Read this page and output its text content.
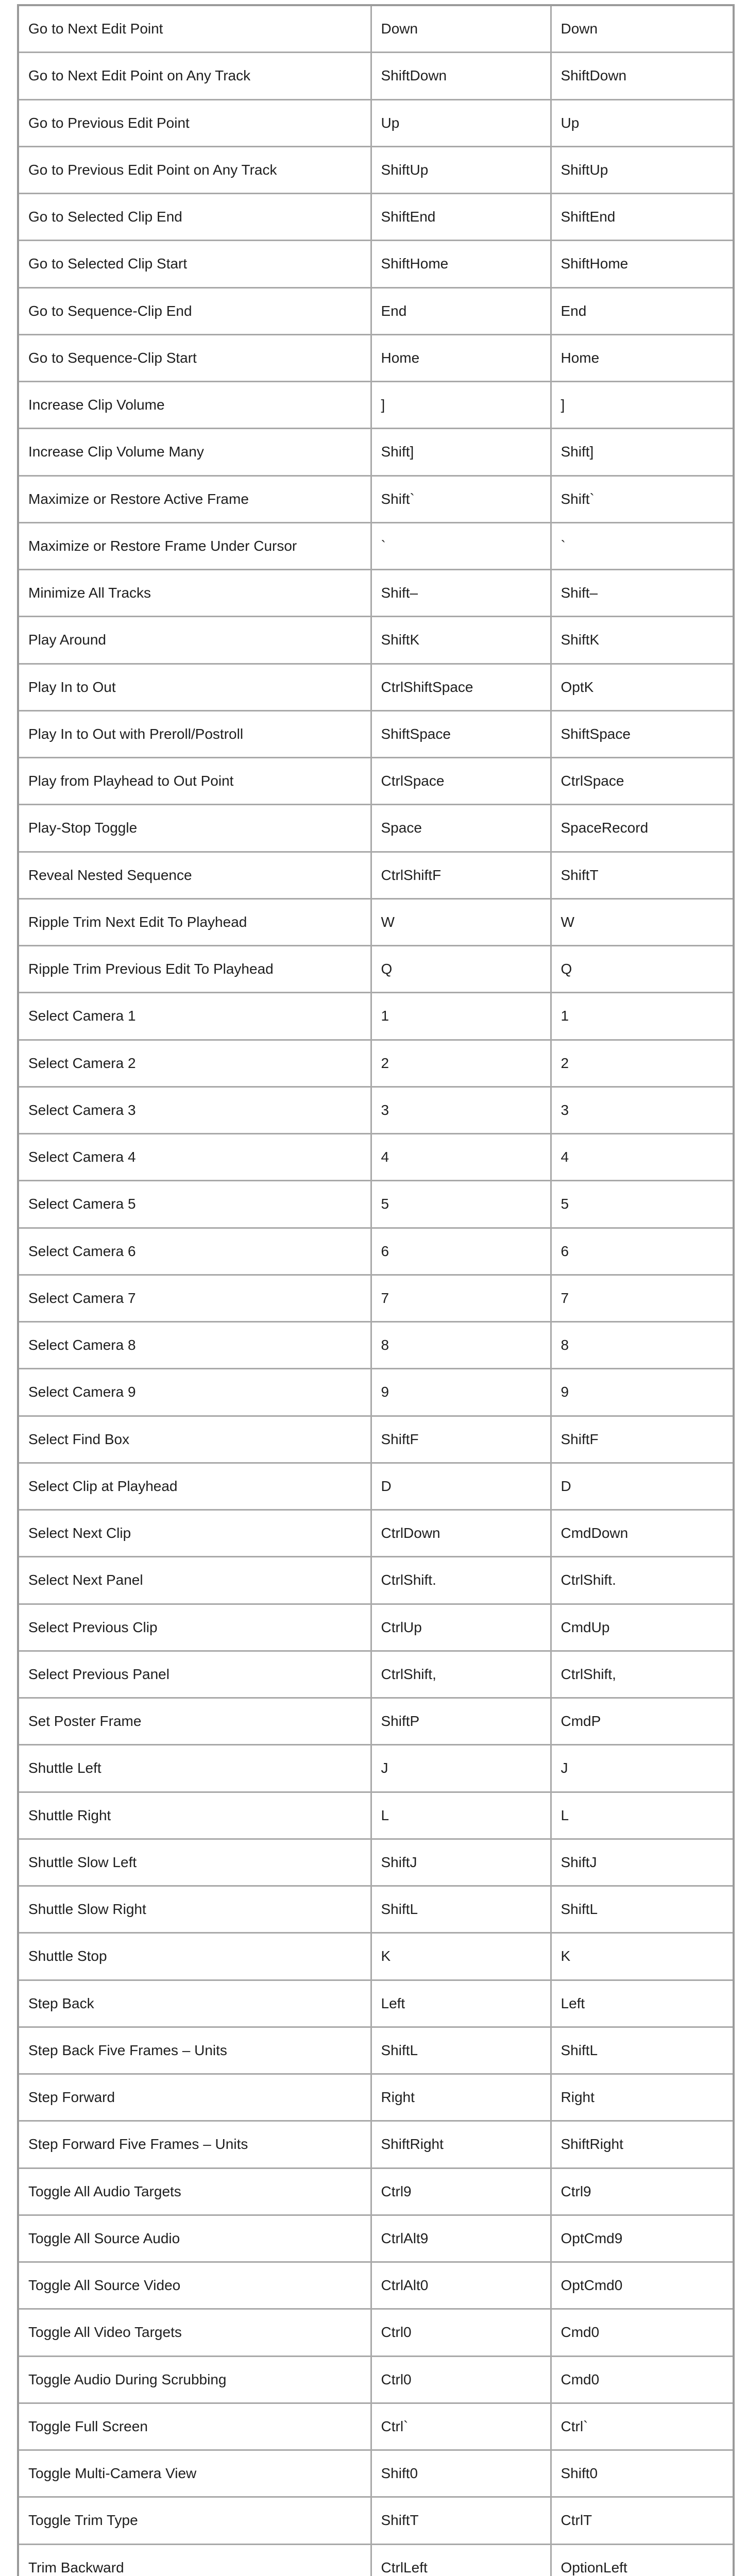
Go to Next Edit Point	Down	Down
Go to Next Edit Point on Any Track	ShiftDown	ShiftDown
Go to Previous Edit Point	Up	Up
Go to Previous Edit Point on Any Track	ShiftUp	ShiftUp
Go to Selected Clip End	ShiftEnd	ShiftEnd
Go to Selected Clip Start	ShiftHome	ShiftHome
Go to Sequence-Clip End	End	End
Go to Sequence-Clip Start	Home	Home
Increase Clip Volume	]	]
Increase Clip Volume Many	Shift]	Shift]
Maximize or Restore Active Frame	Shift`	Shift`
Maximize or Restore Frame Under Cursor	`	`
Minimize All Tracks	Shift–	Shift–
Play Around	ShiftK	ShiftK
Play In to Out	CtrlShiftSpace	OptK
Play In to Out with Preroll/Postroll	ShiftSpace	ShiftSpace
Play from Playhead to Out Point	CtrlSpace	CtrlSpace
Play-Stop Toggle	Space	SpaceRecord
Reveal Nested Sequence	CtrlShiftF	ShiftT
Ripple Trim Next Edit To Playhead	W	W
Ripple Trim Previous Edit To Playhead	Q	Q
Select Camera 1	1	1
Select Camera 2	2	2
Select Camera 3	3	3
Select Camera 4	4	4
Select Camera 5	5	5
Select Camera 6	6	6
Select Camera 7	7	7
Select Camera 8	8	8
Select Camera 9	9	9
Select Find Box	ShiftF	ShiftF
Select Clip at Playhead	D	D
Select Next Clip	CtrlDown	CmdDown
Select Next Panel	CtrlShift.	CtrlShift.
Select Previous Clip	CtrlUp	CmdUp
Select Previous Panel	CtrlShift,	CtrlShift,
Set Poster Frame	ShiftP	CmdP
Shuttle Left	J	J
Shuttle Right	L	L
Shuttle Slow Left	ShiftJ	ShiftJ
Shuttle Slow Right	ShiftL	ShiftL
Shuttle Stop	K	K
Step Back	Left	Left
Step Back Five Frames – Units	ShiftL	ShiftL
Step Forward	Right	Right
Step Forward Five Frames – Units	ShiftRight	ShiftRight
Toggle All Audio Targets	Ctrl9	Ctrl9
Toggle All Source Audio	CtrlAlt9	OptCmd9
Toggle All Source Video	CtrlAlt0	OptCmd0
Toggle All Video Targets	Ctrl0	Cmd0
Toggle Audio During Scrubbing	Ctrl0	Cmd0
Toggle Full Screen	Ctrl`	Ctrl`
Toggle Multi-Camera View	Shift0	Shift0
Toggle Trim Type	ShiftT	CtrlT
Trim Backward	CtrlLeft	OptionLeft
